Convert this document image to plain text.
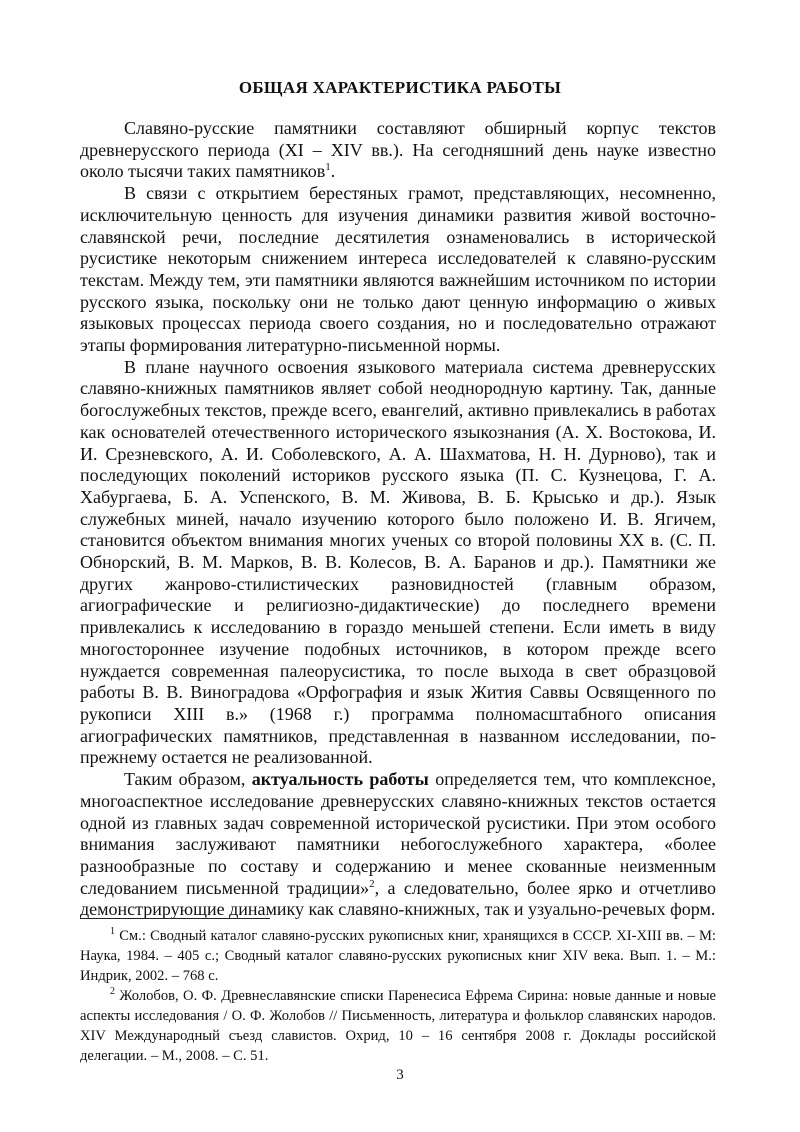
ОБЩАЯ ХАРАКТЕРИСТИКА РАБОТЫ

Славяно-русские памятники составляют обширный корпус текстов древнерусского периода (XI – XIV вв.). На сегодняшний день науке известно около тысячи таких памятников$^1$.

В связи с открытием берестяных грамот, представляющих, несомненно, исключительную ценность для изучения динамики развития живой восточно-славянской речи, последние десятилетия ознаменовались в исторической русистике некоторым снижением интереса исследователей к славяно-русским текстам. Между тем, эти памятники являются важнейшим источником по истории русского языка, поскольку они не только дают ценную информацию о живых языковых процессах периода своего создания, но и последовательно отражают этапы формирования литературно-письменной нормы.

В плане научного освоения языкового материала система древнерусских славяно-книжных памятников являет собой неоднородную картину. Так, данные богослужебных текстов, прежде всего, евангелий, активно привлекались в работах как основателей отечественного исторического языкознания (А. Х. Востокова, И. И. Срезневского, А. И. Соболевского, А. А. Шахматова, Н. Н. Дурново), так и последующих поколений историков русского языка (П. С. Кузнецова, Г. А. Хабургаева, Б. А. Успенского, В. М. Живова, В. Б. Крысько и др.). Язык служебных миней, начало изучению которого было положено И. В. Ягичем, становится объектом внимания многих ученых со второй половины XX в. (С. П. Обнорский, В. М. Марков, В. В. Колесов, В. А. Баранов и др.). Памятники же других жанрово-стилистических разновидностей (главным образом, агиографические и религиозно-дидактические) до последнего времени привлекались к исследованию в гораздо меньшей степени. Если иметь в виду многостороннее изучение подобных источников, в котором прежде всего нуждается современная палеорусистика, то после выхода в свет образцовой работы В. В. Виноградова «Орфография и язык Жития Саввы Освященного по рукописи XIII в.» (1968 г.) программа полномасштабного описания агиографических памятников, представленная в названном исследовании, по-прежнему остается не реализованной.

Таким образом, актуальность работы определяется тем, что комплексное, многоаспектное исследование древнерусских славяно-книжных текстов остается одной из главных задач современной исторической русистики. При этом особого внимания заслуживают памятники небогослужебного характера, «более разнообразные по составу и содержанию и менее скованные неизменным следованием письменной традиции»$^2$, а следовательно, более ярко и отчетливо демонстрирующие динамику как славяно-книжных, так и узуально-речевых форм.

$^1$ См.: Сводный каталог славяно-русских рукописных книг, хранящихся в СССР. XI-XIII вв. – М: Наука, 1984. – 405 с.; Сводный каталог славяно-русских рукописных книг XIV века. Вып. 1. – М.: Индрик, 2002. – 768 с.

$^2$ Жолобов, О. Ф. Древнеславянские списки Паренесиса Ефрема Сирина: новые данные и новые аспекты исследования / О. Ф. Жолобов // Письменность, литература и фольклор славянских народов. XIV Международный съезд славистов. Охрид, 10 – 16 сентября 2008 г. Доклады российской делегации. – М., 2008. – С. 51.

3
